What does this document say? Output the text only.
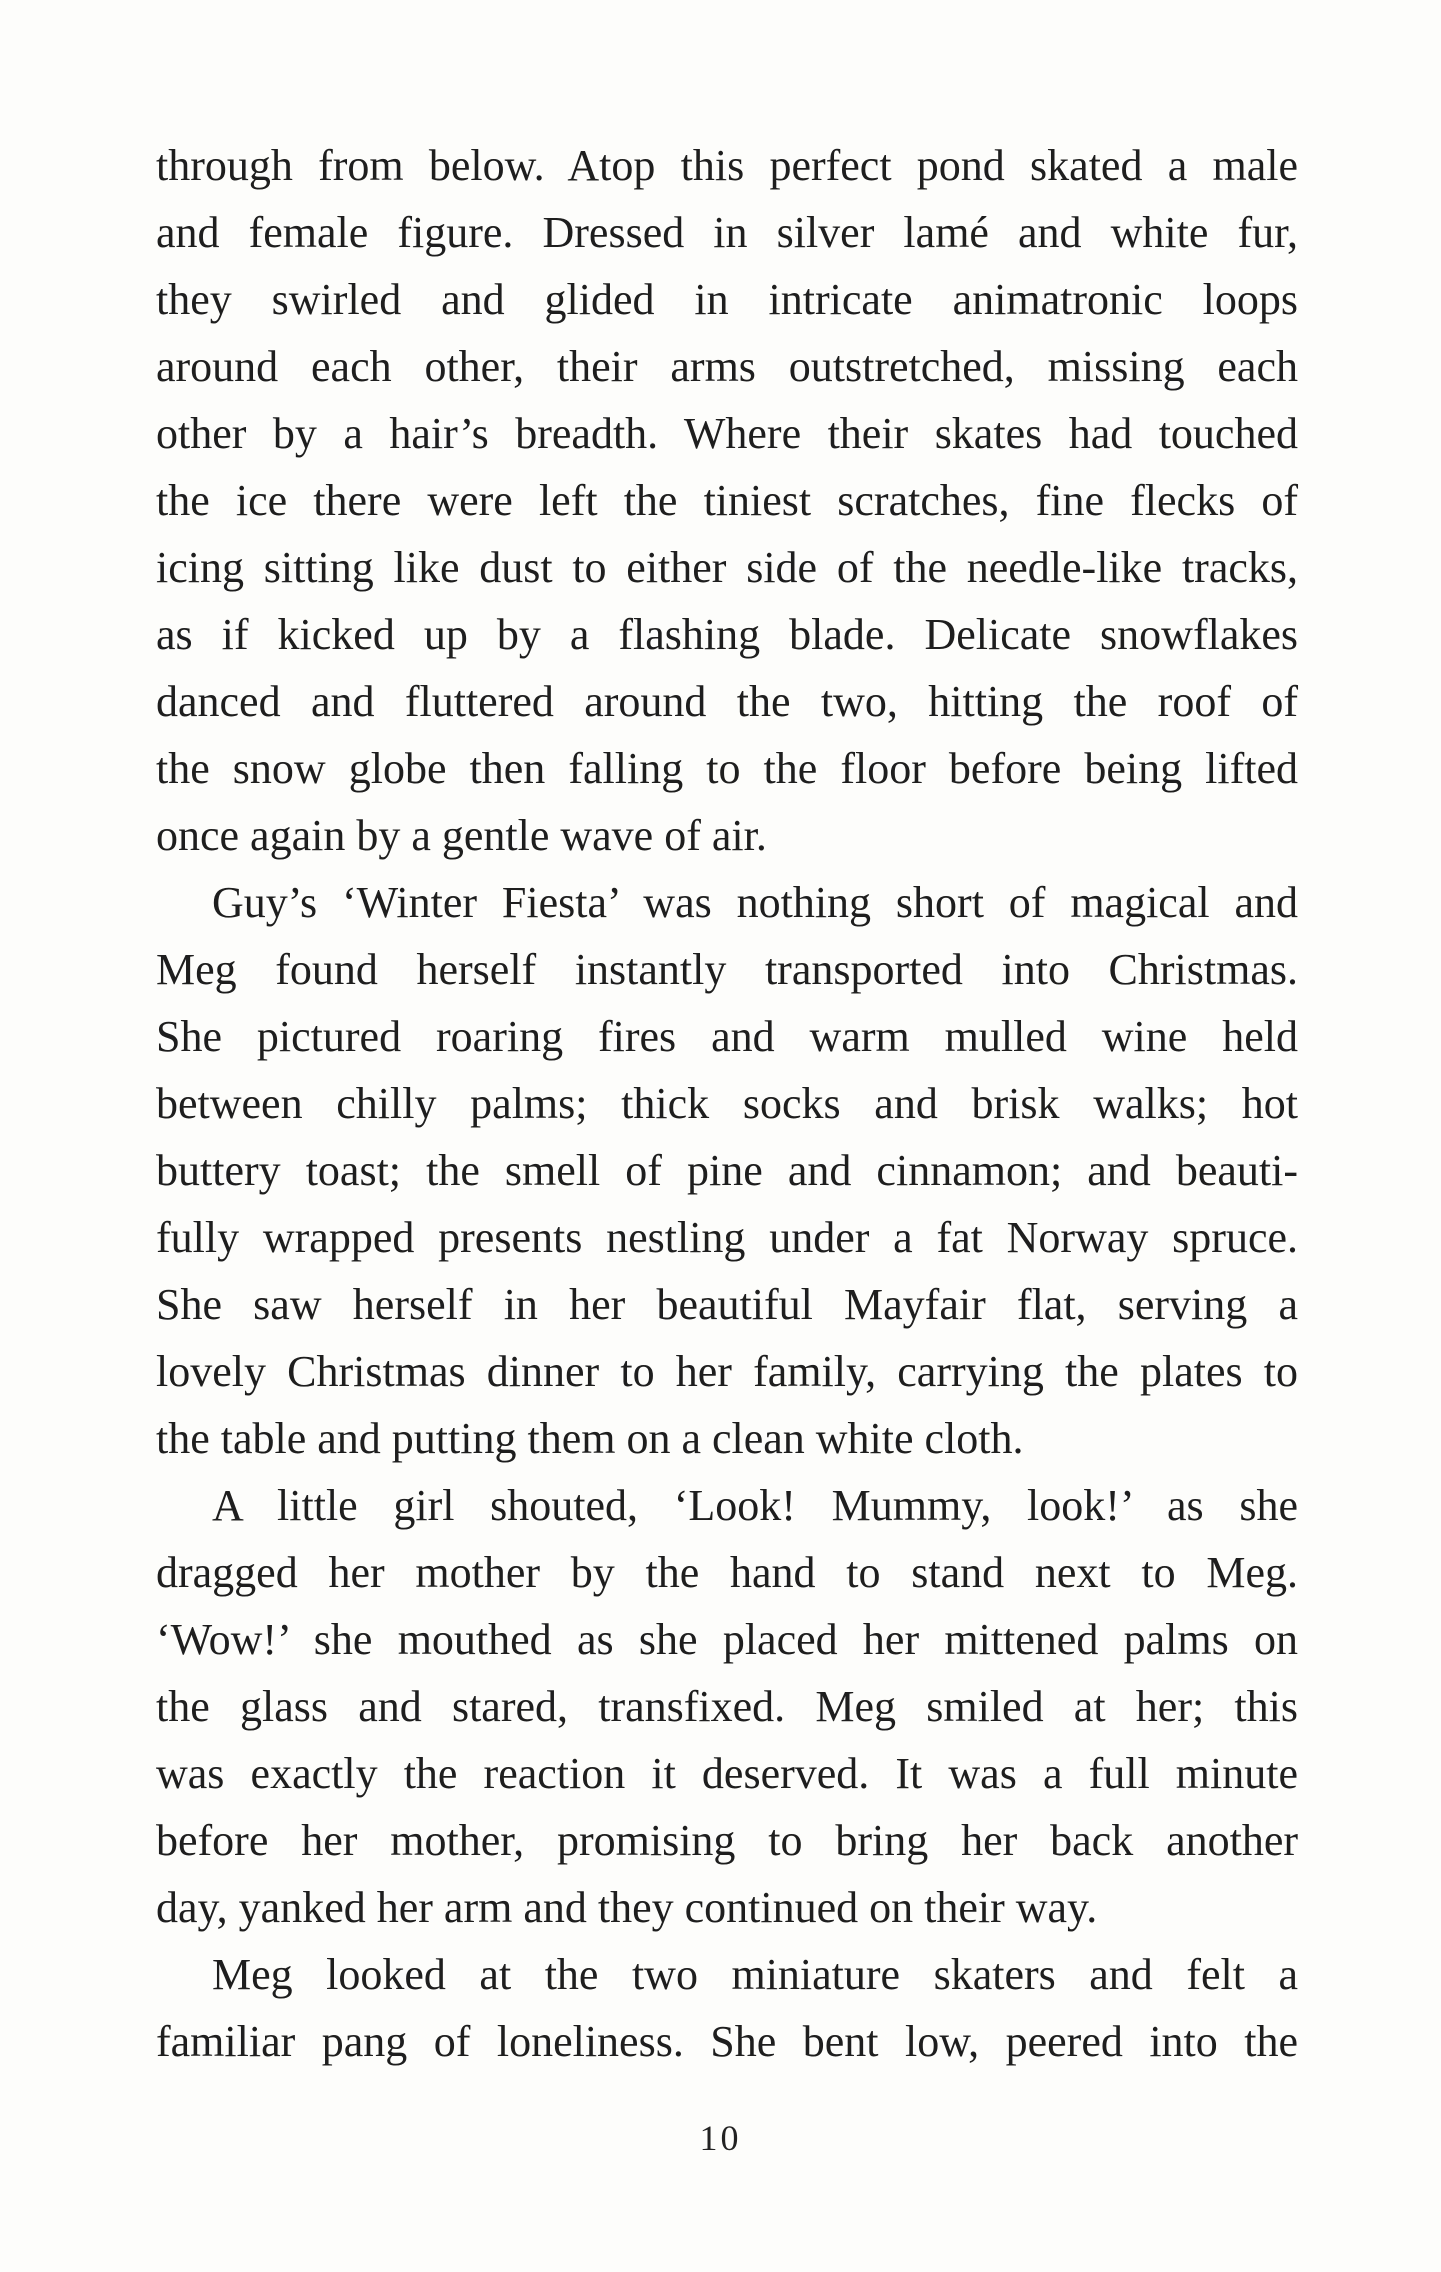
through from below. Atop this perfect pond skated a male
and female figure. Dressed in silver lamé and white fur,
they swirled and glided in intricate animatronic loops
around each other, their arms outstretched, missing each
other by a hair’s breadth. Where their skates had touched
the ice there were left the tiniest scratches, fine flecks of
icing sitting like dust to either side of the needle-like tracks,
as if kicked up by a flashing blade. Delicate snowflakes
danced and fluttered around the two, hitting the roof of
the snow globe then falling to the floor before being lifted
once again by a gentle wave of air.
Guy’s ‘Winter Fiesta’ was nothing short of magical and
Meg found herself instantly transported into Christmas.
She pictured roaring fires and warm mulled wine held
between chilly palms; thick socks and brisk walks; hot
buttery toast; the smell of pine and cinnamon; and beauti-
fully wrapped presents nestling under a fat Norway spruce.
She saw herself in her beautiful Mayfair flat, serving a
lovely Christmas dinner to her family, carrying the plates to
the table and putting them on a clean white cloth.
A little girl shouted, ‘Look! Mummy, look!’ as she
dragged her mother by the hand to stand next to Meg.
‘Wow!’ she mouthed as she placed her mittened palms on
the glass and stared, transfixed. Meg smiled at her; this
was exactly the reaction it deserved. It was a full minute
before her mother, promising to bring her back another
day, yanked her arm and they continued on their way.
Meg looked at the two miniature skaters and felt a
familiar pang of loneliness. She bent low, peered into the
10
